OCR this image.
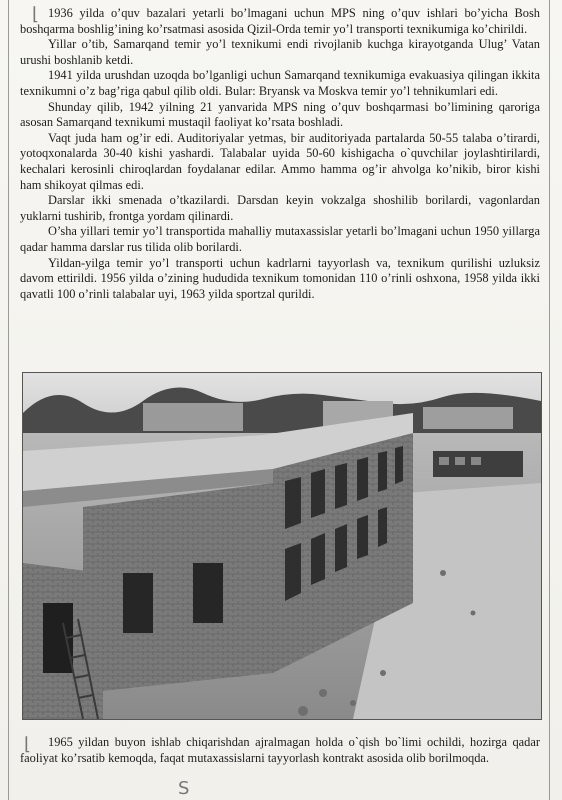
⌊ 1936 yilda o’quv bazalari yetarli bo’lmagani uchun MPS ning o’quv ishlari bo’yicha Bosh boshqarma boshlig’ining ko’rsatmasi asosida Qizil-Orda temir yo’l transporti texnikumiga ko’chirildi.

Yillar o’tib, Samarqand temir yo’l texnikumi endi rivojlanib kuchga kirayotganda Ulug’ Vatan urushi boshlanib ketdi.

1941 yilda urushdan uzoqda bo’lganligi uchun Samarqand texnikumiga evakuasiya qilingan ikkita texnikumni o’z bag’riga qabul qilib oldi. Bular: Bryansk va Moskva temir yo’l tehnikumlari edi.

Shunday qilib, 1942 yilning 21 yanvarida MPS ning o’quv boshqarmasi bo’limining qaroriga asosan Samarqand texnikumi mustaqil faoliyat ko’rsata boshladi.

Vaqt juda ham og’ir edi. Auditoriyalar yetmas, bir auditoriyada partalarda 50-55 talaba o’tirardi, yotoqxonalarda 30-40 kishi yashardi. Talabalar uyida 50-60 kishigacha o`quvchilar joylashtirilardi, kechalari kerosinli chiroqlardan foydalanar edilar. Ammo hamma og’ir ahvolga ko’nikib, biror kishi ham shikoyat qilmas edi.

Darslar ikki smenada o’tkazilardi. Darsdan keyin vokzalga shoshilib borilardi, vagonlardan yuklarni tushirib, frontga yordam qilinardi.

O’sha yillari temir yo’l transportida mahalliy mutaxassislar yetarli bo’lmagani uchun 1950 yillarga qadar hamma darslar rus tilida olib borilardi.

Yildan-yilga temir yo’l transporti uchun kadrlarni tayyorlash va, texnikum qurilishi uzluksiz davom ettirildi. 1956 yilda o’zining hududida texnikum tomonidan 110 o’rinli oshxona, 1958 yilda ikki qavatli 100 o’rinli talabalar uyi, 1963 yilda sportzal qurildi.

⌊	1965 yildan buyon ishlab chiqarishdan ajralmagan holda o`qish bo`limi ochildi, hozirga qadar faoliyat ko’rsatib kemoqda, faqat mutaxassislarni tayyorlash kontrakt asosida olib borilmoqda.

S
